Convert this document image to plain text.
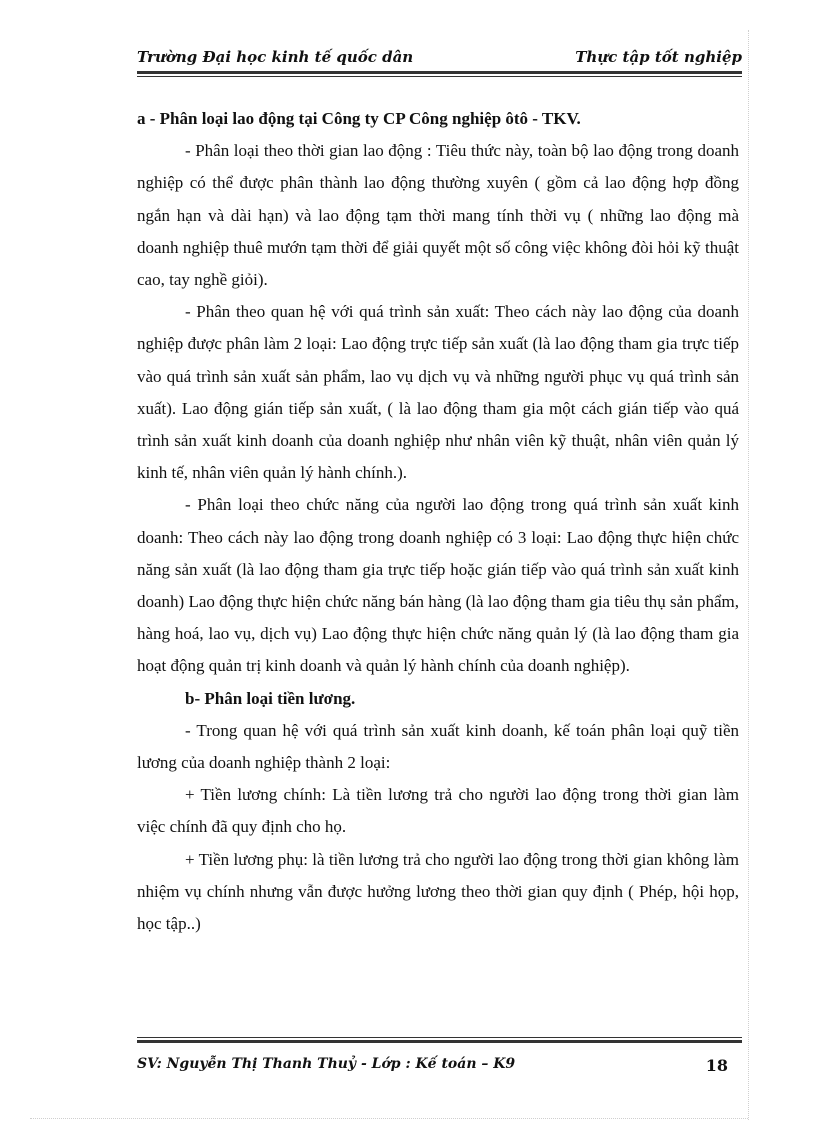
Trường Đại học kinh tế quốc dân	Thực tập tốt nghiệp

a - Phân loại lao động tại Công ty CP Công nghiệp ôtô - TKV.

- Phân loại theo thời gian lao động : Tiêu thức này, toàn bộ lao động trong doanh nghiệp có thể được phân thành lao động thường xuyên ( gồm cả lao động hợp đồng ngắn hạn và dài hạn) và lao động tạm thời mang tính thời vụ ( những lao động mà doanh nghiệp thuê mướn tạm thời để giải quyết một số công việc không đòi hỏi kỹ thuật cao, tay nghề giỏi).

- Phân theo quan hệ với quá trình sản xuất: Theo cách này lao động của doanh nghiệp được phân làm 2 loại: Lao động trực tiếp sản xuất (là lao động tham gia trực tiếp vào quá trình sản xuất sản phẩm, lao vụ dịch vụ và những người phục vụ quá trình sản xuất). Lao động gián tiếp sản xuất, ( là lao động tham gia một cách gián tiếp vào quá trình sản xuất kinh doanh của doanh nghiệp như nhân viên kỹ thuật, nhân viên quản lý kinh tế, nhân viên quản lý hành chính.).

- Phân loại theo chức năng của người lao động trong quá trình sản xuất kinh doanh: Theo cách này lao động trong doanh nghiệp có 3 loại: Lao động thực hiện chức năng sản xuất (là lao động tham gia trực tiếp hoặc gián tiếp vào quá trình sản xuất kinh doanh) Lao động thực hiện chức năng bán hàng (là lao động tham gia tiêu thụ sản phẩm, hàng hoá, lao vụ, dịch vụ) Lao động thực hiện chức năng quản lý (là lao động tham gia hoạt động quản trị kinh doanh và quản lý hành chính của doanh nghiệp).

b- Phân loại tiền lương.

- Trong quan hệ với quá trình sản xuất kinh doanh, kế toán phân loại quỹ tiền lương của doanh nghiệp thành 2 loại:

+ Tiền lương chính: Là tiền lương trả cho người lao động trong thời gian làm việc chính đã quy định cho họ.

+ Tiền lương phụ: là tiền lương trả cho người lao động trong thời gian không làm nhiệm vụ chính nhưng vẫn được hưởng lương theo thời gian quy định ( Phép, hội họp, học tập..)

SV: Nguyễn Thị Thanh Thuỷ - Lớp : Kế toán – K9	18
